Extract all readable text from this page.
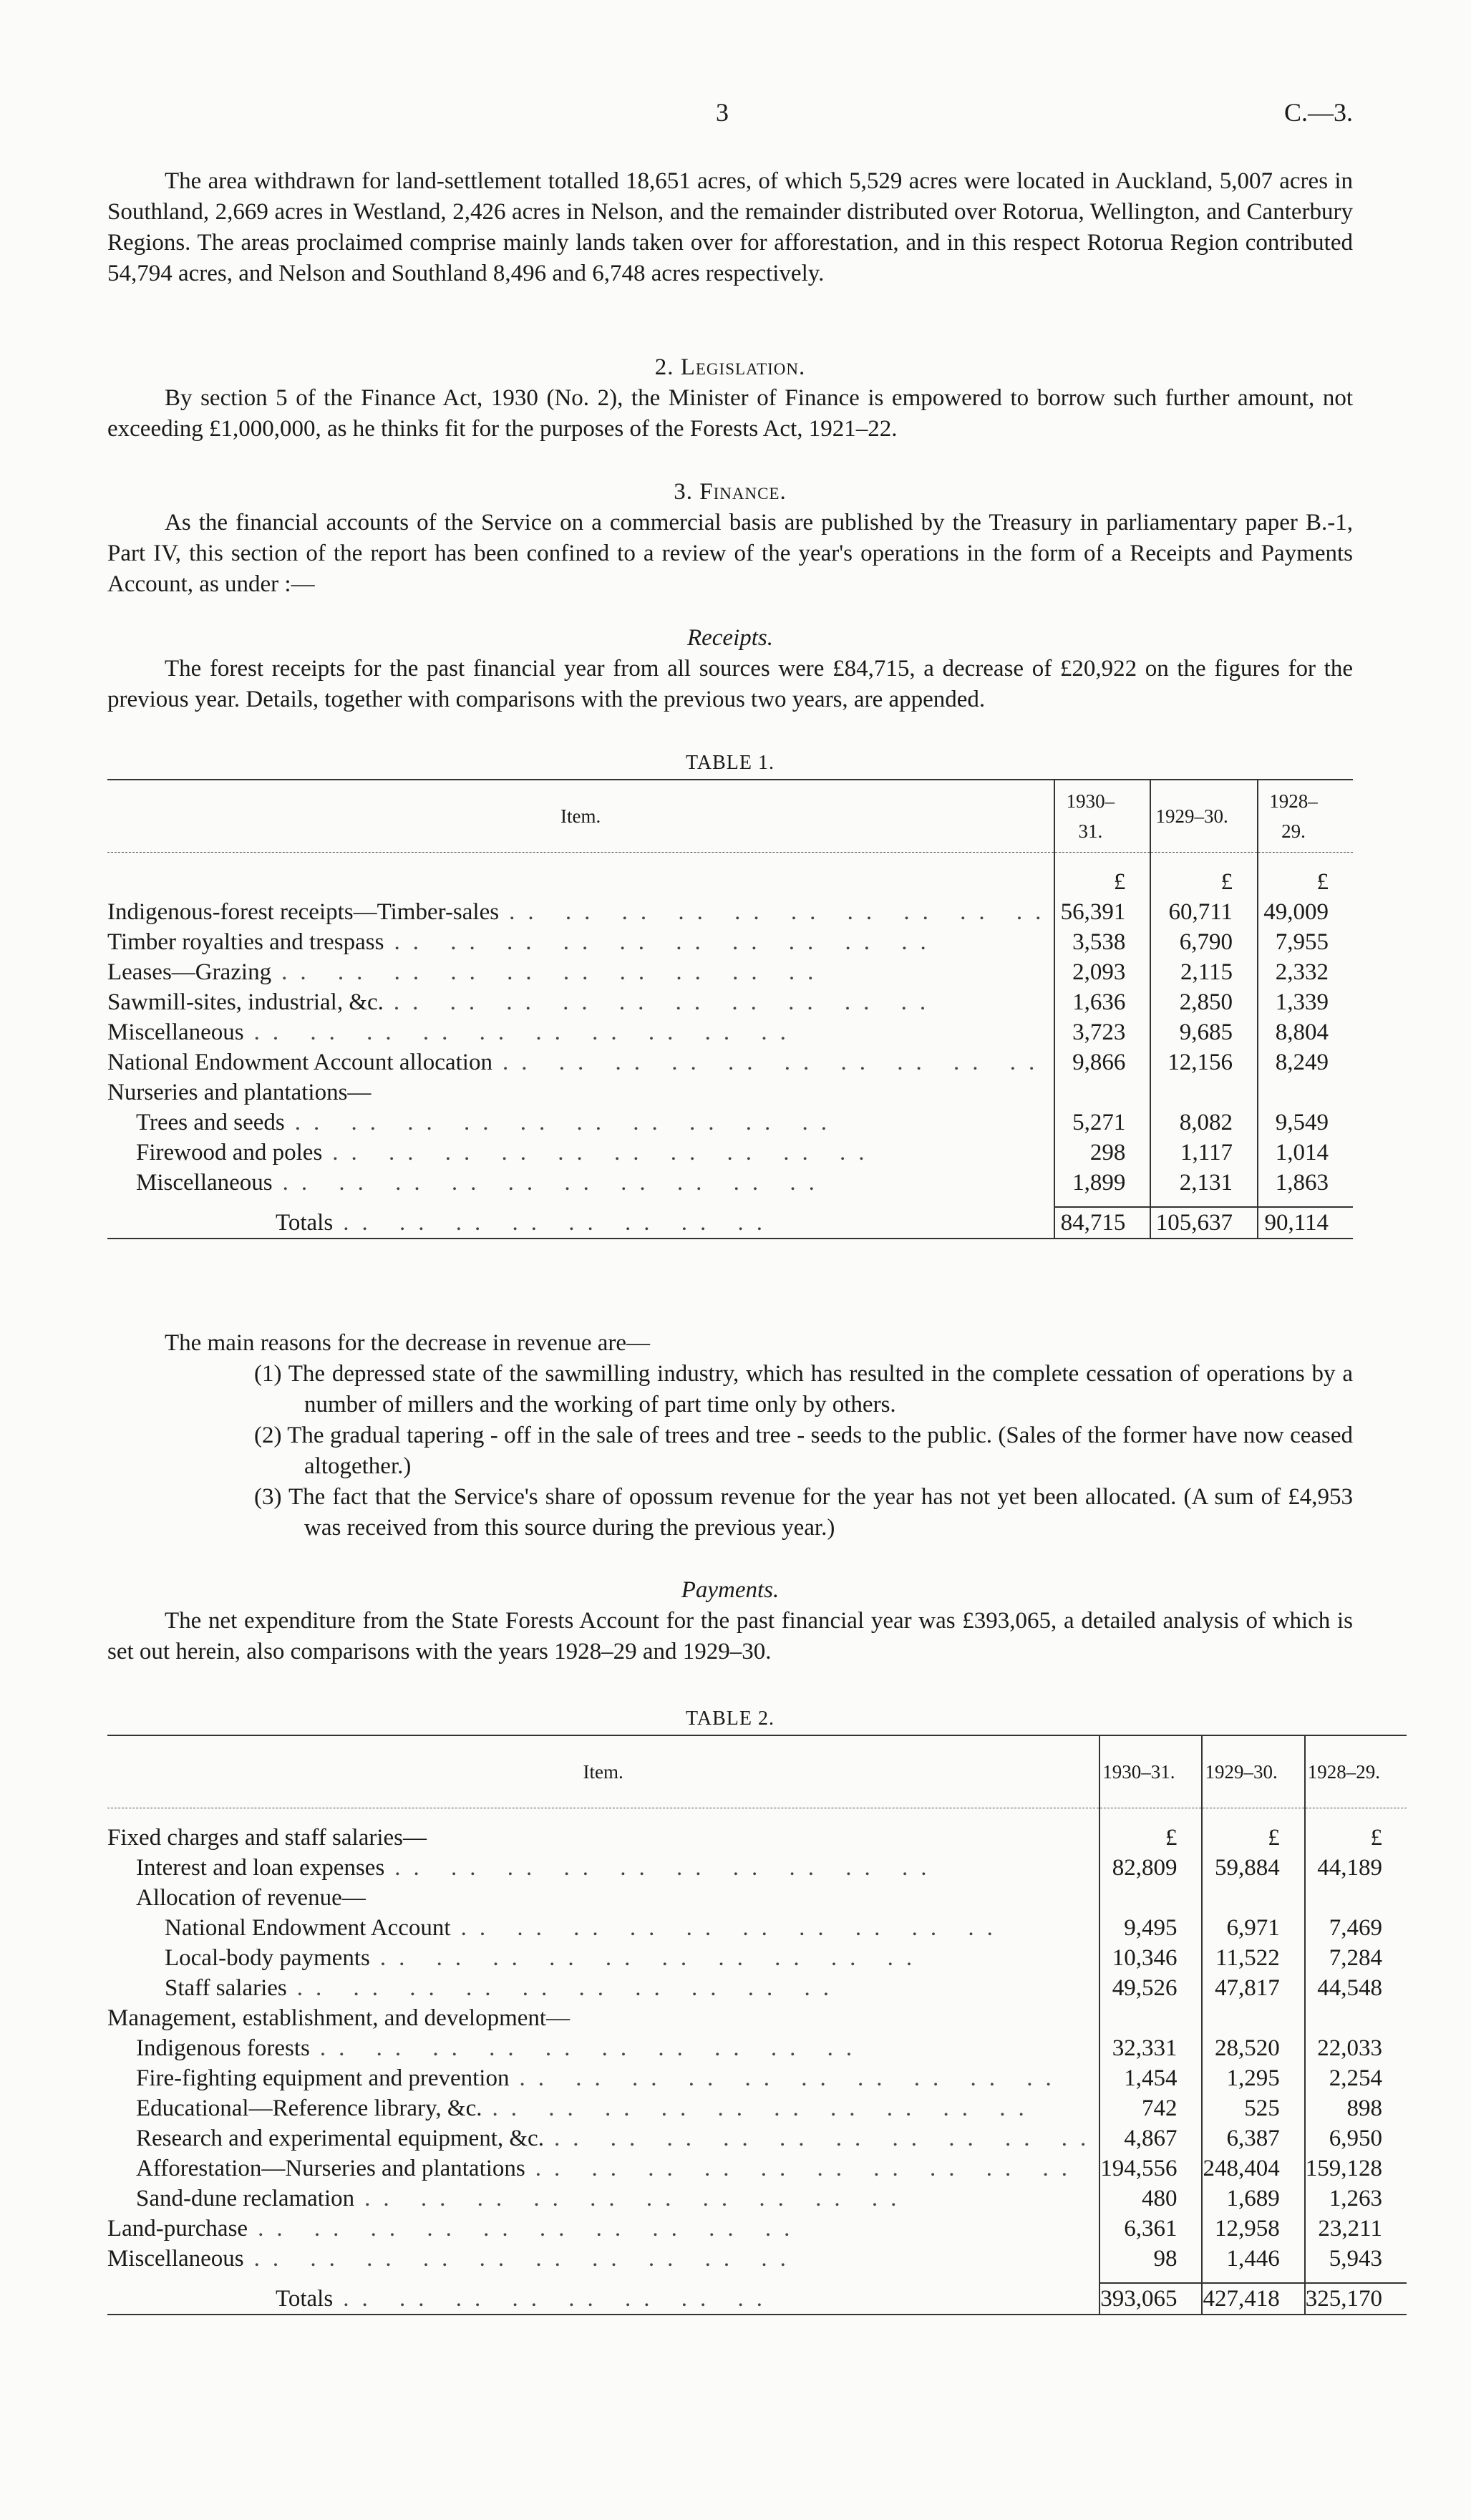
3	C.—3.

The area withdrawn for land-settlement totalled 18,651 acres, of which 5,529 acres were located in Auckland, 5,007 acres in Southland, 2,669 acres in Westland, 2,426 acres in Nelson, and the remainder distributed over Rotorua, Wellington, and Canterbury Regions. The areas proclaimed comprise mainly lands taken over for afforestation, and in this respect Rotorua Region contributed 54,794 acres, and Nelson and Southland 8,496 and 6,748 acres respectively.

2. Legislation.

By section 5 of the Finance Act, 1930 (No. 2), the Minister of Finance is empowered to borrow such further amount, not exceeding £1,000,000, as he thinks fit for the purposes of the Forests Act, 1921–22.

3. Finance.

As the financial accounts of the Service on a commercial basis are published by the Treasury in parliamentary paper B.-1, Part IV, this section of the report has been confined to a review of the year's operations in the form of a Receipts and Payments Account, as under :—

Receipts.

The forest receipts for the past financial year from all sources were £84,715, a decrease of £20,922 on the figures for the previous year. Details, together with comparisons with the previous two years, are appended.

TABLE 1.
Item.	1930–31.	1929–30.	1928–29.

	£	£	£

Indigenous-forest receipts—Timber-sales .. .. .. .. .. .. .. .. .. ..	56,391	60,711	49,009

Timber royalties and trespass .. .. .. .. .. .. .. .. .. ..	3,538	6,790	7,955

Leases—Grazing .. .. .. .. .. .. .. .. .. ..	2,093	2,115	2,332

Sawmill-sites, industrial, &c. .. .. .. .. .. .. .. .. .. ..	1,636	2,850	1,339

Miscellaneous .. .. .. .. .. .. .. .. .. ..	3,723	9,685	8,804

National Endowment Account allocation .. .. .. .. .. .. .. .. .. ..	9,866	12,156	8,249

Nurseries and plantations—			

Trees and seeds .. .. .. .. .. .. .. .. .. ..	5,271	8,082	9,549

Firewood and poles .. .. .. .. .. .. .. .. .. ..	298	1,117	1,014

Miscellaneous .. .. .. .. .. .. .. .. .. ..	1,899	2,131	1,863

Totals .. .. .. .. .. .. .. ..	84,715	105,637	90,114

The main reasons for the decrease in revenue are—

(1) The depressed state of the sawmilling industry, which has resulted in the complete cessation of operations by a number of millers and the working of part time only by others.
(2) The gradual tapering - off in the sale of trees and tree - seeds to the public. (Sales of the former have now ceased altogether.)
(3) The fact that the Service's share of opossum revenue for the year has not yet been allocated. (A sum of £4,953 was received from this source during the previous year.)
Payments.

The net expenditure from the State Forests Account for the past financial year was £393,065, a detailed analysis of which is set out herein, also comparisons with the years 1928–29 and 1929–30.

TABLE 2.
Item.	1930–31.	1929–30.	1928–29.

Fixed charges and staff salaries—	£	£	£

Interest and loan expenses .. .. .. .. .. .. .. .. .. ..	82,809	59,884	44,189

Allocation of revenue—			

National Endowment Account .. .. .. .. .. .. .. .. .. ..	9,495	6,971	7,469

Local-body payments .. .. .. .. .. .. .. .. .. ..	10,346	11,522	7,284

Staff salaries .. .. .. .. .. .. .. .. .. ..	49,526	47,817	44,548

Management, establishment, and development—			

Indigenous forests .. .. .. .. .. .. .. .. .. ..	32,331	28,520	22,033

Fire-fighting equipment and prevention .. .. .. .. .. .. .. .. .. ..	1,454	1,295	2,254

Educational—Reference library, &c. .. .. .. .. .. .. .. .. .. ..	742	525	898

Research and experimental equipment, &c. .. .. .. .. .. .. .. .. .. ..	4,867	6,387	6,950

Afforestation—Nurseries and plantations .. .. .. .. .. .. .. .. .. ..	194,556	248,404	159,128

Sand-dune reclamation .. .. .. .. .. .. .. .. .. ..	480	1,689	1,263

Land-purchase .. .. .. .. .. .. .. .. .. ..	6,361	12,958	23,211

Miscellaneous .. .. .. .. .. .. .. .. .. ..	98	1,446	5,943

Totals .. .. .. .. .. .. .. ..	393,065	427,418	325,170
